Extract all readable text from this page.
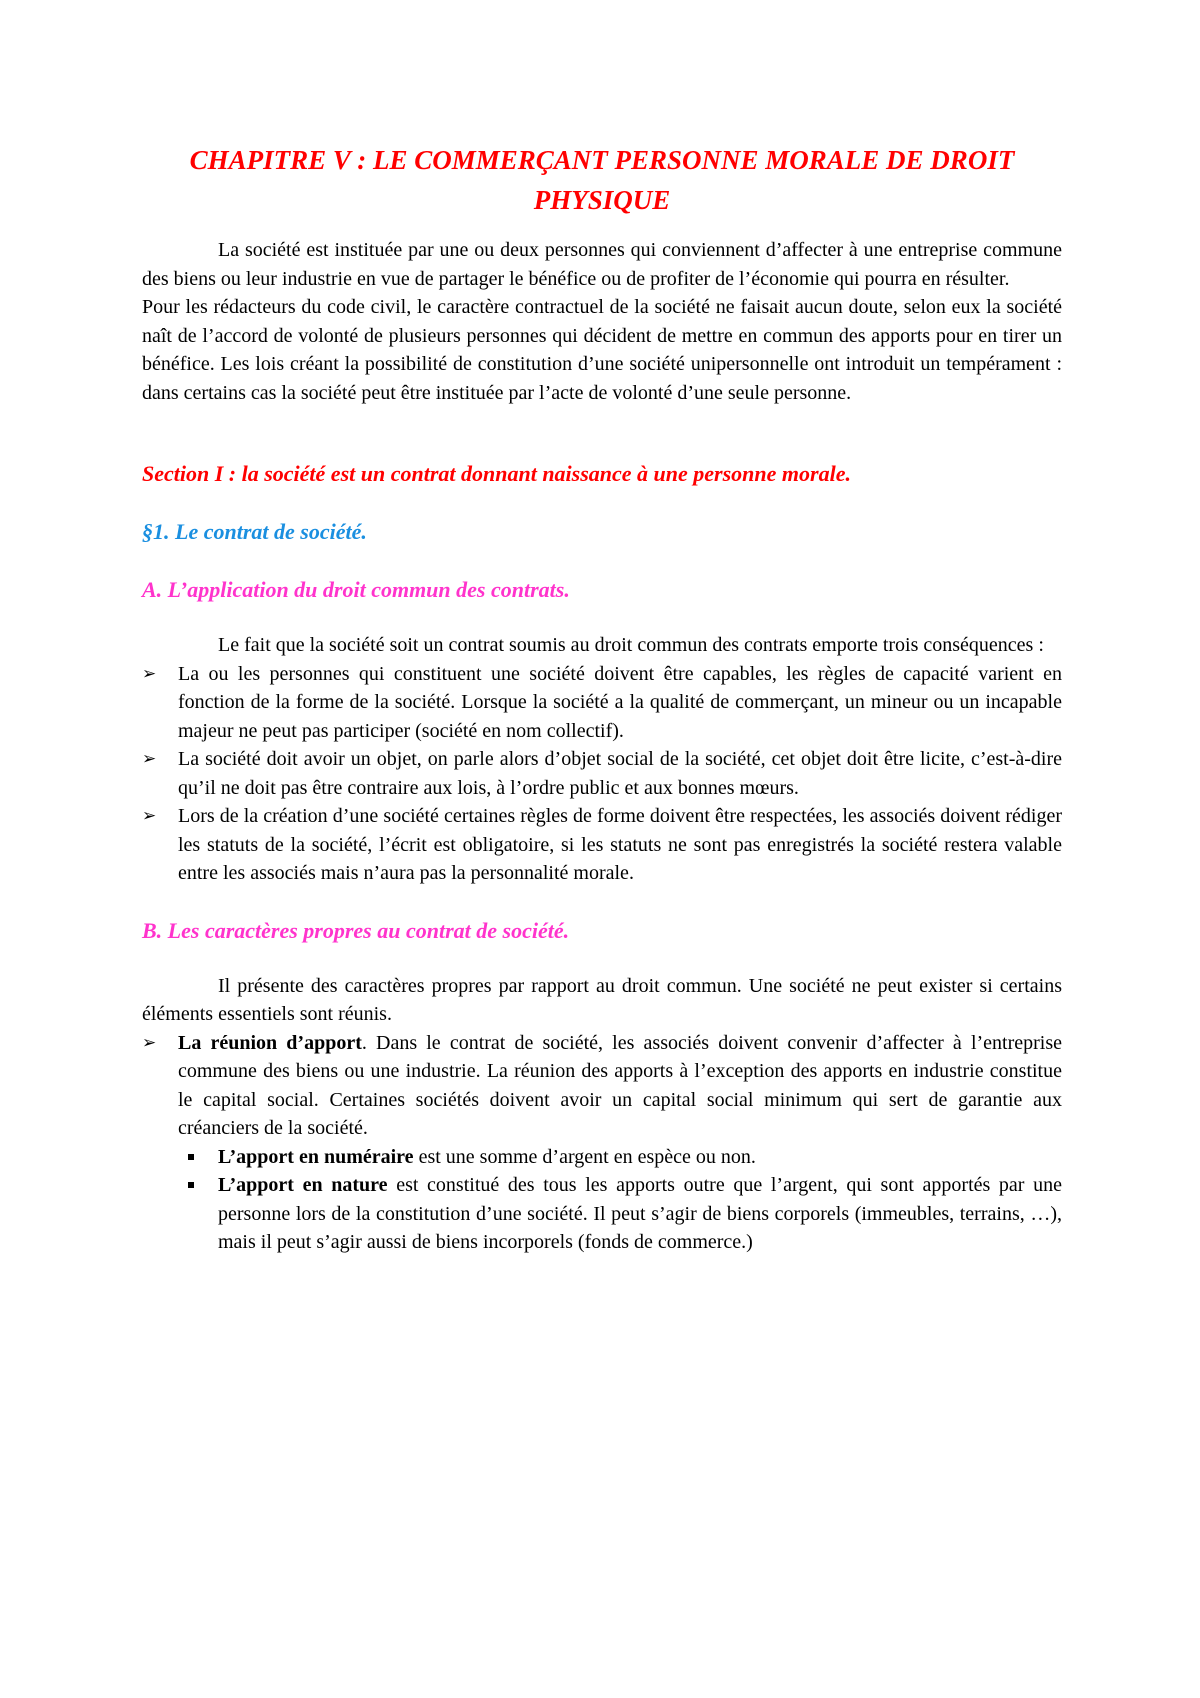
CHAPITRE V : LE COMMERÇANT PERSONNE MORALE DE DROIT PHYSIQUE

La société est instituée par une ou deux personnes qui conviennent d’affecter à une entreprise commune des biens ou leur industrie en vue de partager le bénéfice ou de profiter de l’économie qui pourra en résulter.

Pour les rédacteurs du code civil, le caractère contractuel de la société ne faisait aucun doute, selon eux la société naît de l’accord de volonté de plusieurs personnes qui décident de mettre en commun des apports pour en tirer un bénéfice. Les lois créant la possibilité de constitution d’une société unipersonnelle ont introduit un tempérament : dans certains cas la société peut être instituée par l’acte de volonté d’une seule personne.

Section I : la société est un contrat donnant naissance à une personne morale.
§1. Le contrat de société.
A. L’application du droit commun des contrats.

Le fait que la société soit un contrat soumis au droit commun des contrats emporte trois conséquences :

➢	La ou les personnes qui constituent une société doivent être capables, les règles de capacité varient en fonction de la forme de la société. Lorsque la société a la qualité de commerçant, un mineur ou un incapable majeur ne peut pas participer (société en nom collectif).
➢	La société doit avoir un objet, on parle alors d’objet social de la société, cet objet doit être licite, c’est-à-dire qu’il ne doit pas être contraire aux lois, à l’ordre public et aux bonnes mœurs.
➢	Lors de la création d’une société certaines règles de forme doivent être respectées, les associés doivent rédiger les statuts de la société, l’écrit est obligatoire, si les statuts ne sont pas enregistrés la société restera valable entre les associés mais n’aura pas la personnalité morale.
B. Les caractères propres au contrat de société.

Il présente des caractères propres par rapport au droit commun. Une société ne peut exister si certains éléments essentiels sont réunis.

➢	La réunion d’apport. Dans le contrat de société, les associés doivent convenir d’affecter à l’entreprise commune des biens ou une industrie. La réunion des apports à l’exception des apports en industrie constitue le capital social. Certaines sociétés doivent avoir un capital social minimum qui sert de garantie aux créanciers de la société.
L’apport en numéraire est une somme d’argent en espèce ou non.
L’apport en nature est constitué des tous les apports outre que l’argent, qui sont apportés par une personne lors de la constitution d’une société. Il peut s’agir de biens corporels (immeubles, terrains, …), mais il peut s’agir aussi de biens incorporels (fonds de commerce.)
